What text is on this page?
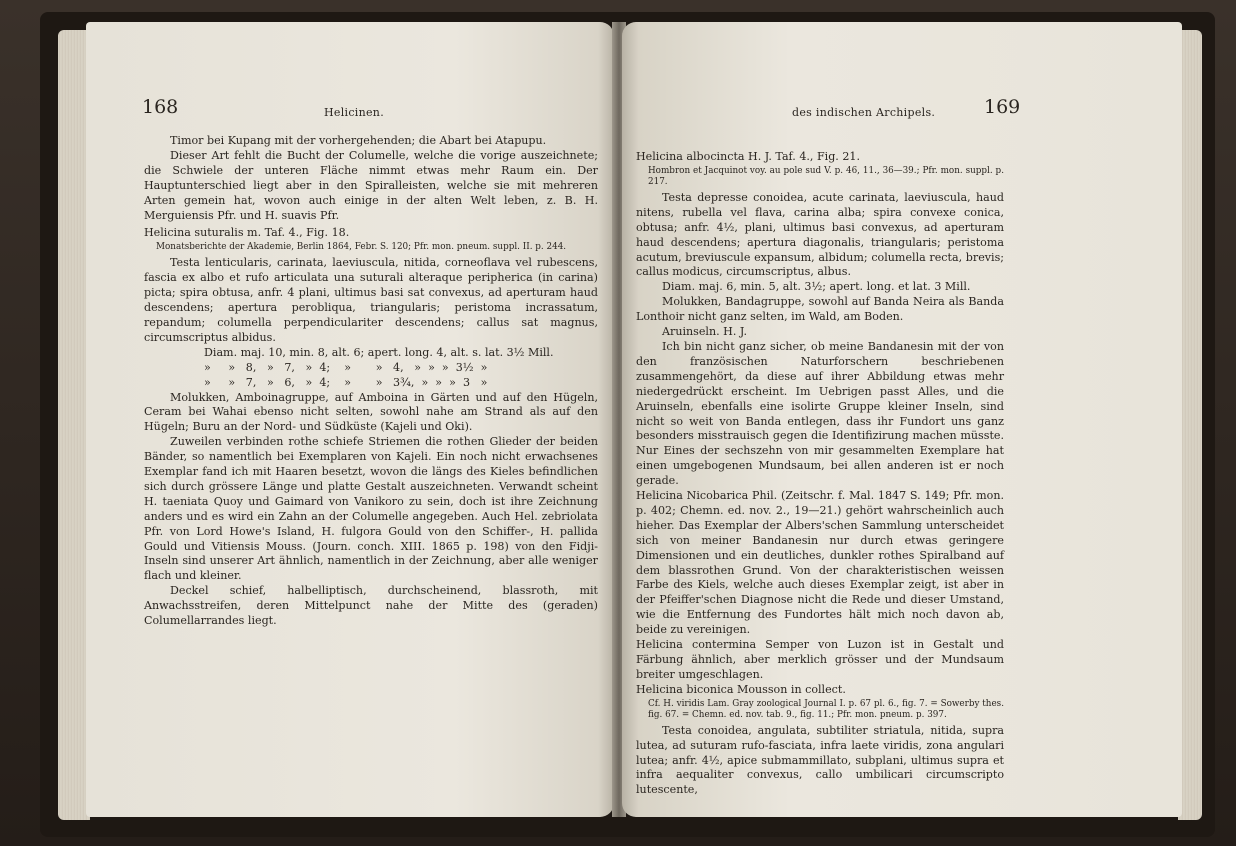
168	Helicinen.

Timor bei Kupang mit der vorhergehenden; die Abart bei Atapupu.

Dieser Art fehlt die Bucht der Columelle, welche die vorige auszeichnete; die Schwiele der unteren Fläche nimmt etwas mehr Raum ein. Der Hauptunterschied liegt aber in den Spiralleisten, welche sie mit mehreren Arten gemein hat, wovon auch einige in der alten Welt leben, z. B. H. Merguiensis Pfr. und H. suavis Pfr.

Helicina suturalis m. Taf. 4., Fig. 18.

Monatsberichte der Akademie, Berlin 1864, Febr. S. 120; Pfr. mon. pneum. suppl. II. p. 244.

Testa lenticularis, carinata, laeviuscula, nitida, corneoflava vel rubescens, fascia ex albo et rufo articulata una suturali alteraque peripherica (in carina) picta; spira obtusa, anfr. 4 plani, ultimus basi sat convexus, ad aperturam haud descendens; apertura perobliqua, triangularis; peristoma incrassatum, repandum; columella perpendiculariter descendens; callus sat magnus, circumscriptus albidus.

Diam. maj. 10, min. 8, alt. 6; apert. long. 4, alt. s. lat. 3½ Mill.
»     »   8,   »   7,   »  4;    »       »   4,   »  »  »  3½  »
»     »   7,   »   6,   »  4;    »       »   3¾,  »  »  »  3   »

Molukken, Amboinagruppe, auf Amboina in Gärten und auf den Hügeln, Ceram bei Wahai ebenso nicht selten, sowohl nahe am Strand als auf den Hügeln; Buru an der Nord- und Südküste (Kajeli und Oki).

Zuweilen verbinden rothe schiefe Striemen die rothen Glieder der beiden Bänder, so namentlich bei Exemplaren von Kajeli. Ein noch nicht erwachsenes Exemplar fand ich mit Haaren besetzt, wovon die längs des Kieles befindlichen sich durch grössere Länge und platte Gestalt auszeichneten. Verwandt scheint H. taeniata Quoy und Gaimard von Vanikoro zu sein, doch ist ihre Zeichnung anders und es wird ein Zahn an der Columelle angegeben. Auch Hel. zebriolata Pfr. von Lord Howe's Island, H. fulgora Gould von den Schiffer-, H. pallida Gould und Vitiensis Mouss. (Journ. conch. XIII. 1865 p. 198) von den Fidji-Inseln sind unserer Art ähnlich, namentlich in der Zeichnung, aber alle weniger flach und kleiner.

Deckel schief, halbelliptisch, durchscheinend, blassroth, mit Anwachsstreifen, deren Mittelpunct nahe der Mitte des (geraden) Columellarrandes liegt.

des indischen Archipels.	169

Helicina albocincta H. J. Taf. 4., Fig. 21.

Hombron et Jacquinot voy. au pole sud V. p. 46, 11., 36—39.; Pfr. mon. suppl. p. 217.

Testa depresse conoidea, acute carinata, laeviuscula, haud nitens, rubella vel flava, carina alba; spira convexe conica, obtusa; anfr. 4½, plani, ultimus basi convexus, ad aperturam haud descendens; apertura diagonalis, triangularis; peristoma acutum, breviuscule expansum, albidum; columella recta, brevis; callus modicus, circumscriptus, albus.

Diam. maj. 6, min. 5, alt. 3½; apert. long. et lat. 3 Mill.

Molukken, Bandagruppe, sowohl auf Banda Neira als Banda Lonthoir nicht ganz selten, im Wald, am Boden.

Aruinseln. H. J.

Ich bin nicht ganz sicher, ob meine Bandanesin mit der von den französischen Naturforschern beschriebenen zusammengehört, da diese auf ihrer Abbildung etwas mehr niedergedrückt erscheint. Im Uebrigen passt Alles, und die Aruinseln, ebenfalls eine isolirte Gruppe kleiner Inseln, sind nicht so weit von Banda entlegen, dass ihr Fundort uns ganz besonders misstrauisch gegen die Identifizirung machen müsste. Nur Eines der sechszehn von mir gesammelten Exemplare hat einen umgebogenen Mundsaum, bei allen anderen ist er noch gerade.

Helicina Nicobarica Phil. (Zeitschr. f. Mal. 1847 S. 149; Pfr. mon. p. 402; Chemn. ed. nov. 2., 19—21.) gehört wahrscheinlich auch hieher. Das Exemplar der Albers'schen Sammlung unterscheidet sich von meiner Bandanesin nur durch etwas geringere Dimensionen und ein deutliches, dunkler rothes Spiralband auf dem blassrothen Grund. Von der charakteristischen weissen Farbe des Kiels, welche auch dieses Exemplar zeigt, ist aber in der Pfeiffer'schen Diagnose nicht die Rede und dieser Umstand, wie die Entfernung des Fundortes hält mich noch davon ab, beide zu vereinigen.

Helicina contermina Semper von Luzon ist in Gestalt und Färbung ähnlich, aber merklich grösser und der Mundsaum breiter umgeschlagen.

Helicina biconica Mousson in collect.

Cf. H. viridis Lam. Gray zoological Journal I. p. 67 pl. 6., fig. 7. = Sowerby thes. fig. 67. = Chemn. ed. nov. tab. 9., fig. 11.; Pfr. mon. pneum. p. 397.

Testa conoidea, angulata, subtiliter striatula, nitida, supra lutea, ad suturam rufo-fasciata, infra laete viridis, zona angulari lutea; anfr. 4½, apice submammillato, subplani, ultimus supra et infra aequaliter convexus, callo umbilicari circumscripto lutescente,
